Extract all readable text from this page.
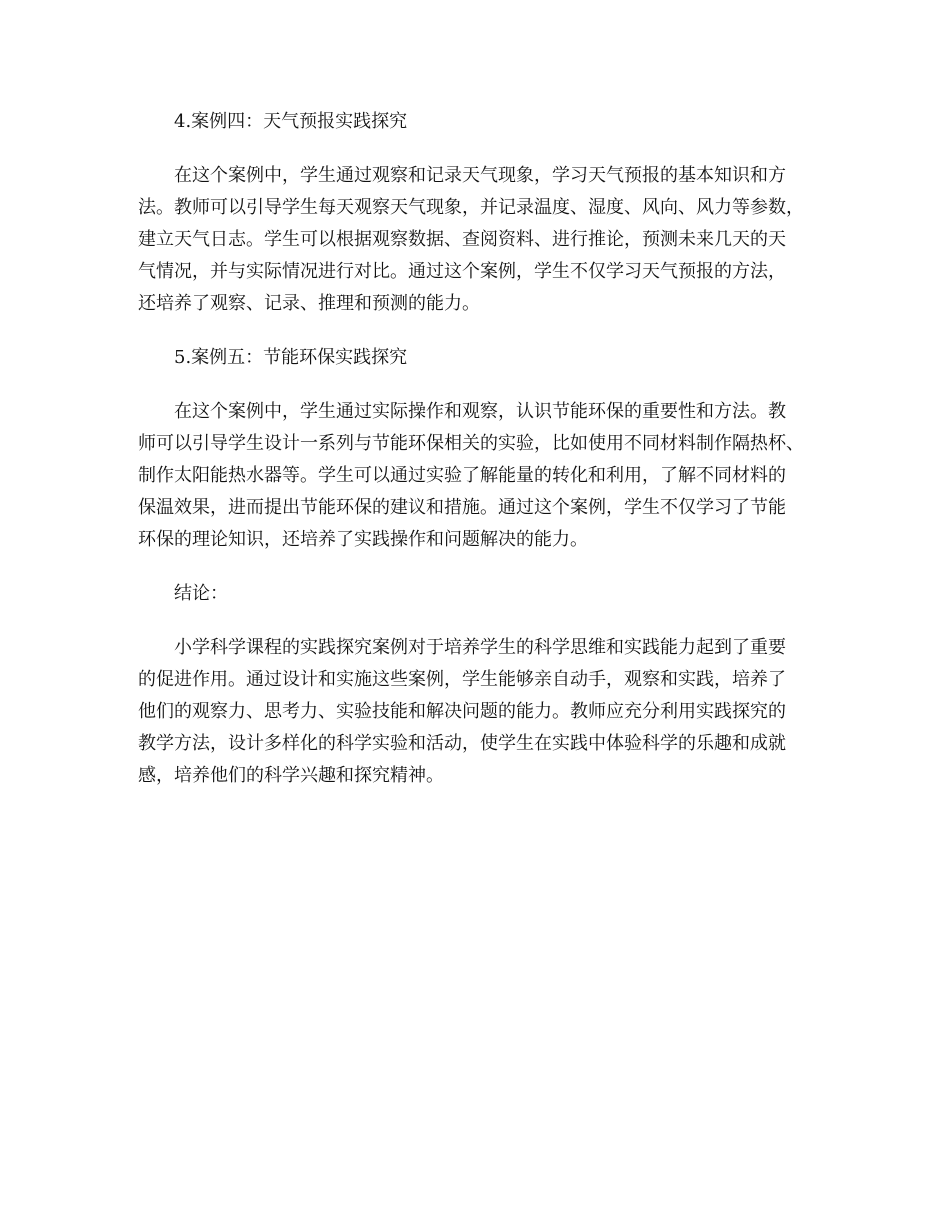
4.案例四：天气预报实践探究
在这个案例中，学生通过观察和记录天气现象，学习天气预报的基本知识和方
法。教师可以引导学生每天观察天气现象，并记录温度、湿度、风向、风力等参数，
建立天气日志。学生可以根据观察数据、查阅资料、进行推论，预测未来几天的天
气情况，并与实际情况进行对比。通过这个案例，学生不仅学习天气预报的方法，
还培养了观察、记录、推理和预测的能力。
5.案例五：节能环保实践探究
在这个案例中，学生通过实际操作和观察，认识节能环保的重要性和方法。教
师可以引导学生设计一系列与节能环保相关的实验，比如使用不同材料制作隔热杯、
制作太阳能热水器等。学生可以通过实验了解能量的转化和利用，了解不同材料的
保温效果，进而提出节能环保的建议和措施。通过这个案例，学生不仅学习了节能
环保的理论知识，还培养了实践操作和问题解决的能力。
结论：
小学科学课程的实践探究案例对于培养学生的科学思维和实践能力起到了重要
的促进作用。通过设计和实施这些案例，学生能够亲自动手，观察和实践，培养了
他们的观察力、思考力、实验技能和解决问题的能力。教师应充分利用实践探究的
教学方法，设计多样化的科学实验和活动，使学生在实践中体验科学的乐趣和成就
感，培养他们的科学兴趣和探究精神。
